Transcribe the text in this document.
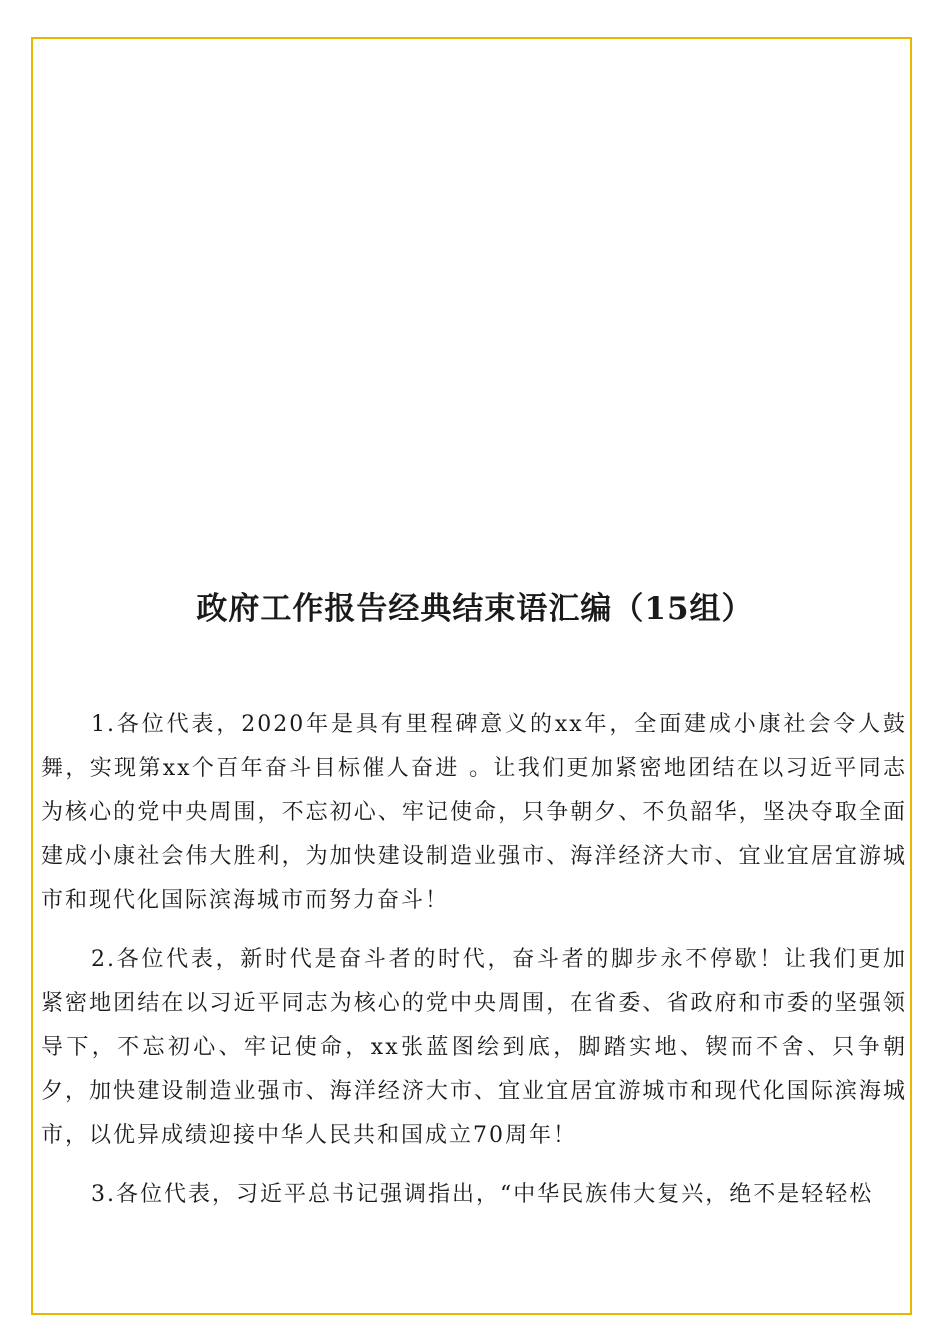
政府工作报告经典结束语汇编（15组）

1.各位代表，2020年是具有里程碑意义的xx年，全面建成小康社会令人鼓舞，实现第xx个百年奋斗目标催人奋进 。让我们更加紧密地团结在以习近平同志为核心的党中央周围，不忘初心、牢记使命，只争朝夕、不负韶华，坚决夺取全面建成小康社会伟大胜利，为加快建设制造业强市、海洋经济大市、宜业宜居宜游城市和现代化国际滨海城市而努力奋斗！

2.各位代表，新时代是奋斗者的时代，奋斗者的脚步永不停歇！让我们更加紧密地团结在以习近平同志为核心的党中央周围，在省委、省政府和市委的坚强领导下，不忘初心、牢记使命，xx张蓝图绘到底，脚踏实地、锲而不舍、只争朝夕，加快建设制造业强市、海洋经济大市、宜业宜居宜游城市和现代化国际滨海城市，以优异成绩迎接中华人民共和国成立70周年！

3.各位代表，习近平总书记强调指出，“中华民族伟大复兴，绝不是轻轻松
